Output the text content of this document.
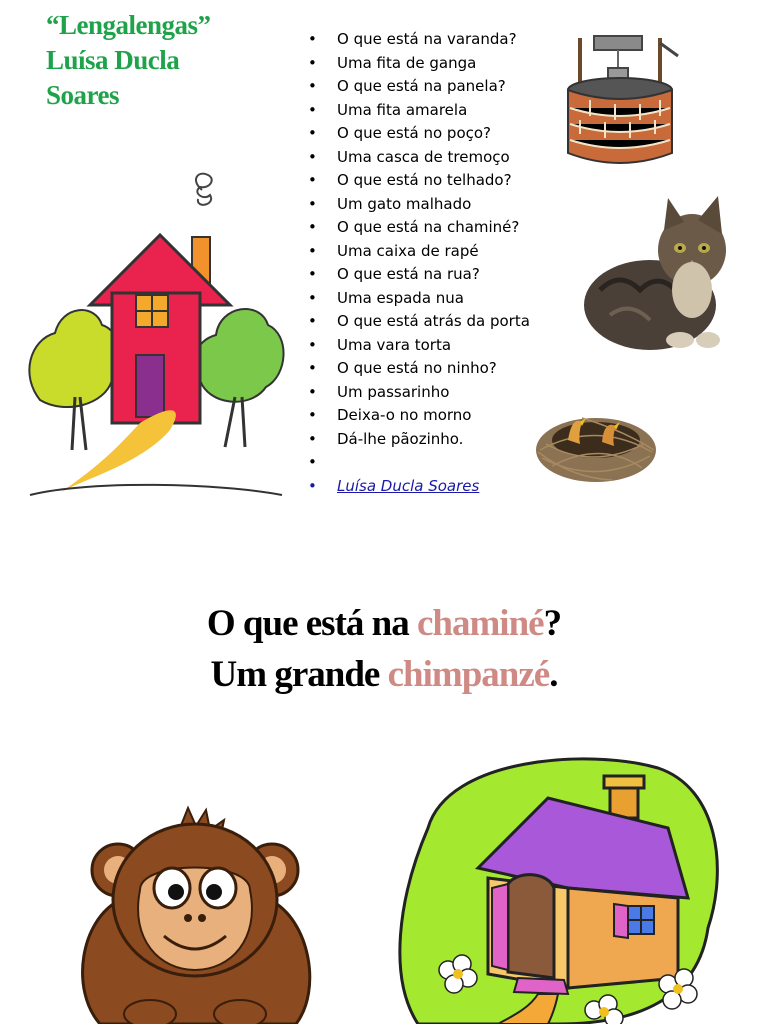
“Lengalengas”
Luísa Ducla
Soares
• O que está na varanda?
• Uma fita de ganga
• O que está na panela?
• Uma fita amarela
• O que está no poço?
• Uma casca de tremoço
• O que está no telhado?
• Um gato malhado
• O que está na chaminé?
• Uma caixa de rapé
• O que está na rua?
• Uma espada nua
• O que está atrás da porta
• Uma vara torta
• O que está no ninho?
• Um passarinho
• Deixa-o no morno
• Dá-lhe pãozinho.
•
• Luísa Ducla Soares
O que está na chaminé?
Um grande chimpanzé.
